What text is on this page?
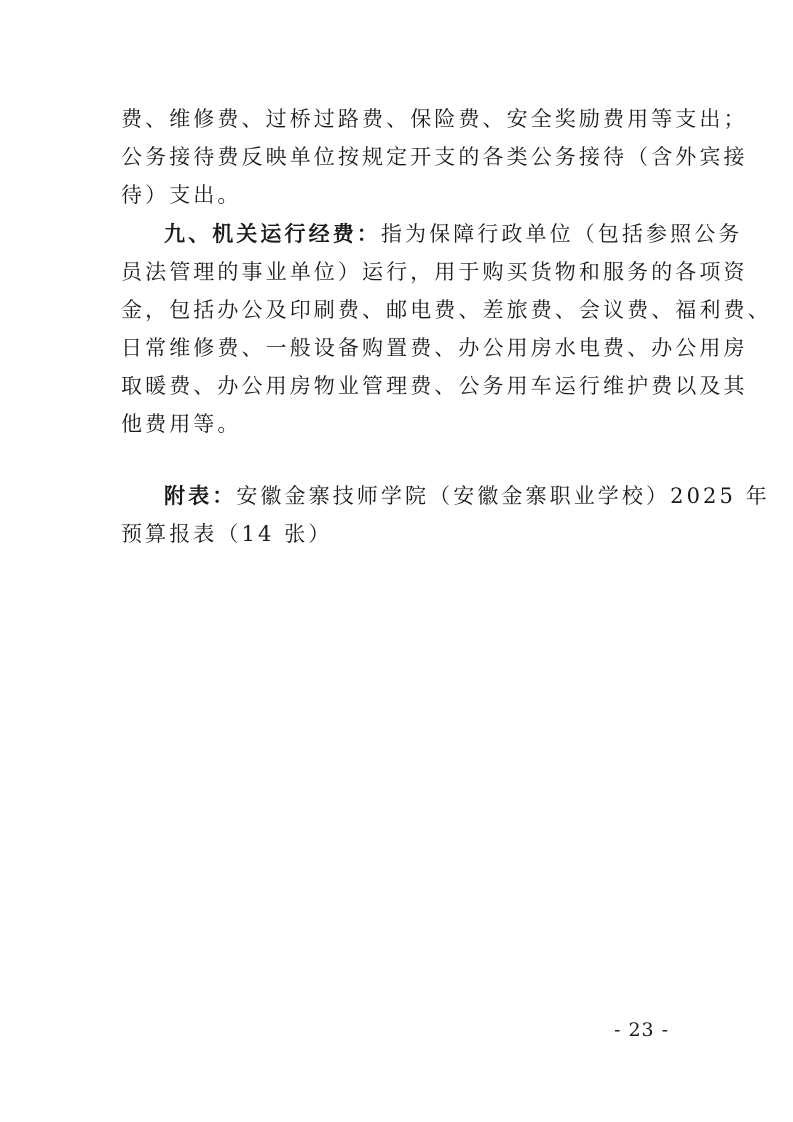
费、维修费、过桥过路费、保险费、安全奖励费用等支出；
公务接待费反映单位按规定开支的各类公务接待（含外宾接
待）支出。
九、机关运行经费：指为保障行政单位（包括参照公务
员法管理的事业单位）运行，用于购买货物和服务的各项资
金，包括办公及印刷费、邮电费、差旅费、会议费、福利费、
日常维修费、一般设备购置费、办公用房水电费、办公用房
取暖费、办公用房物业管理费、公务用车运行维护费以及其
他费用等。
附表：安徽金寨技师学院（安徽金寨职业学校）2025 年
预算报表（14 张）
- 23 -
